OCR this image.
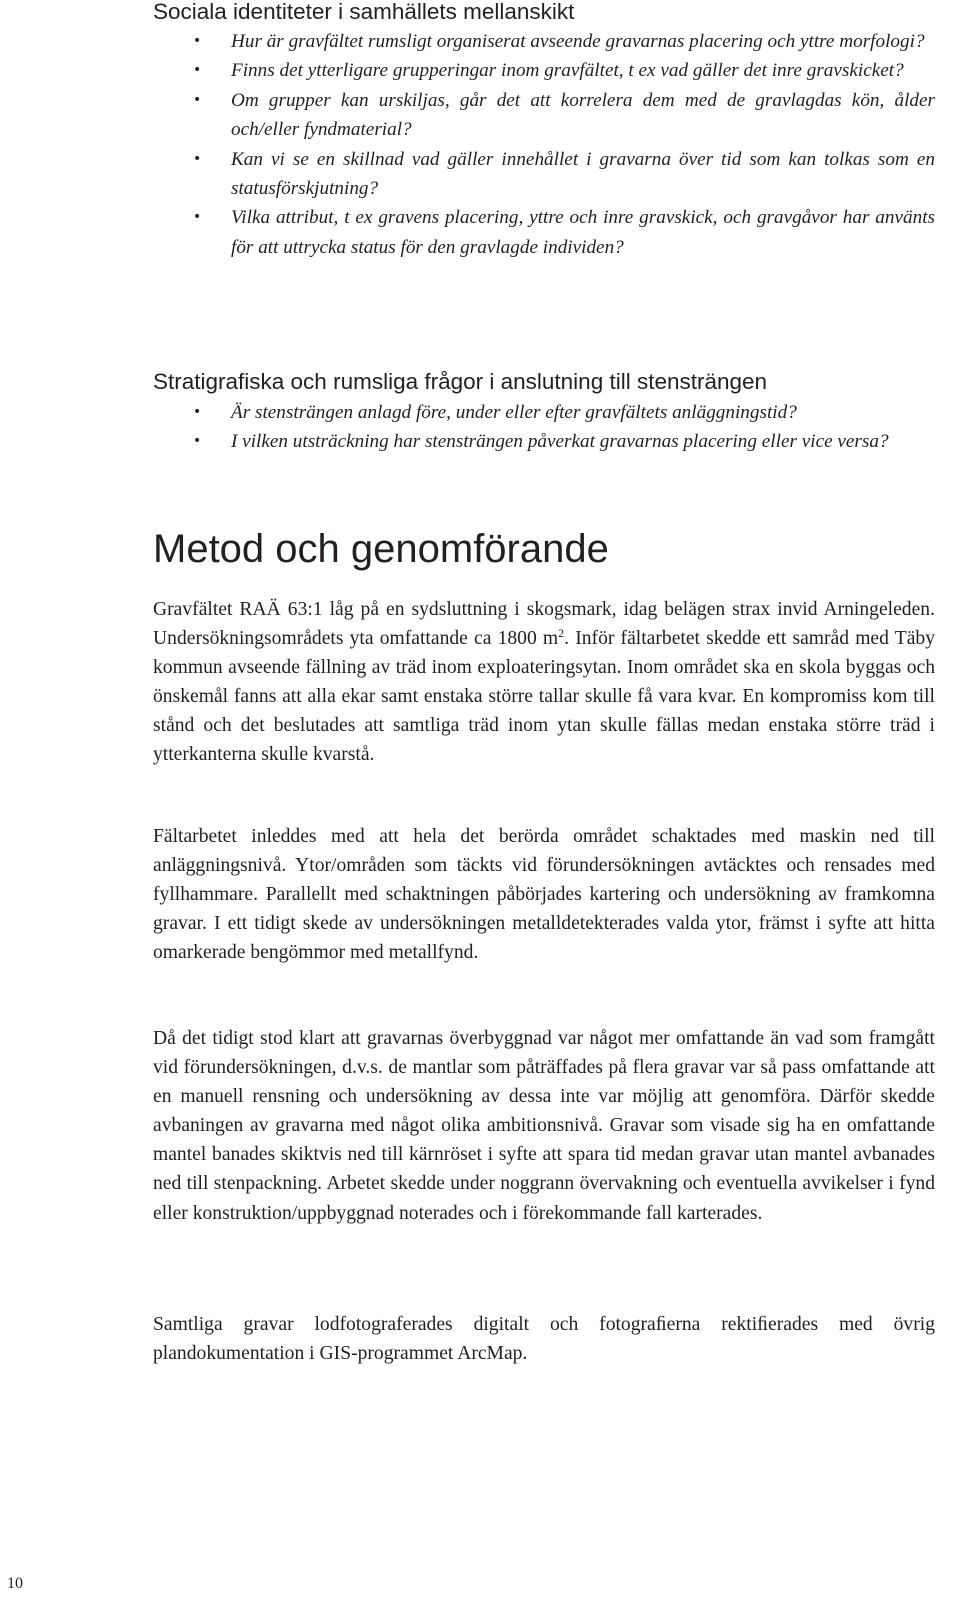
Sociala identiteter i samhällets mellanskikt
• Hur är gravfältet rumsligt organiserat avseende gravarnas placering och yttre morfologi?
• Finns det ytterligare grupperingar inom gravfältet, t ex vad gäller det inre gravskicket?
• Om grupper kan urskiljas, går det att korrelera dem med de gravlagdas kön, ålder och/eller fyndmaterial?
• Kan vi se en skillnad vad gäller innehållet i gravarna över tid som kan tolkas som en statusförskjutning?
• Vilka attribut, t ex gravens placering, yttre och inre gravskick, och gravgåvor har använts för att uttrycka status för den gravlagde individen?
Stratigrafiska och rumsliga frågor i anslutning till stensträngen
• Är stensträngen anlagd före, under eller efter gravfältets anläggningstid?
• I vilken utsträckning har stensträngen påverkat gravarnas placering eller vice versa?
Metod och genomförande

Gravfältet RAÄ 63:1 låg på en sydsluttning i skogsmark, idag belägen strax invid Arningeleden. Undersökningsområdets yta omfattande ca 1800 $m^2$. Inför fältarbetet skedde ett samråd med Täby kommun avseende fällning av träd inom exploateringsytan. Inom området ska en skola byggas och önskemål fanns att alla ekar samt enstaka större tallar skulle få vara kvar. En kompromiss kom till stånd och det beslutades att samtliga träd inom ytan skulle fällas medan enstaka större träd i ytterkanterna skulle kvarstå.

Fältarbetet inleddes med att hela det berörda området schaktades med maskin ned till anläggningsnivå. Ytor/områden som täckts vid förundersökningen avtäcktes och rensades med fyllhammare. Parallellt med schaktningen påbörjades kartering och undersökning av framkomna gravar. I ett tidigt skede av undersökningen metalldetekterades valda ytor, främst i syfte att hitta omarkerade bengömmor med metallfynd.

Då det tidigt stod klart att gravarnas överbyggnad var något mer omfattande än vad som framgått vid förundersökningen, d.v.s. de mantlar som påträffades på flera gravar var så pass omfattande att en manuell rensning och undersökning av dessa inte var möjlig att genomföra. Därför skedde avbaningen av gravarna med något olika ambitionsnivå. Gravar som visade sig ha en omfattande mantel banades skiktvis ned till kärnröset i syfte att spara tid medan gravar utan mantel avbanades ned till stenpackning. Arbetet skedde under noggrann övervakning och eventuella avvikelser i fynd eller konstruktion/uppbyggnad noterades och i förekommande fall karterades.

Samtliga gravar lodfotograferades digitalt och fotograﬁerna rektiﬁerades med övrig plandokumentation i GIS-programmet ArcMap.

10
